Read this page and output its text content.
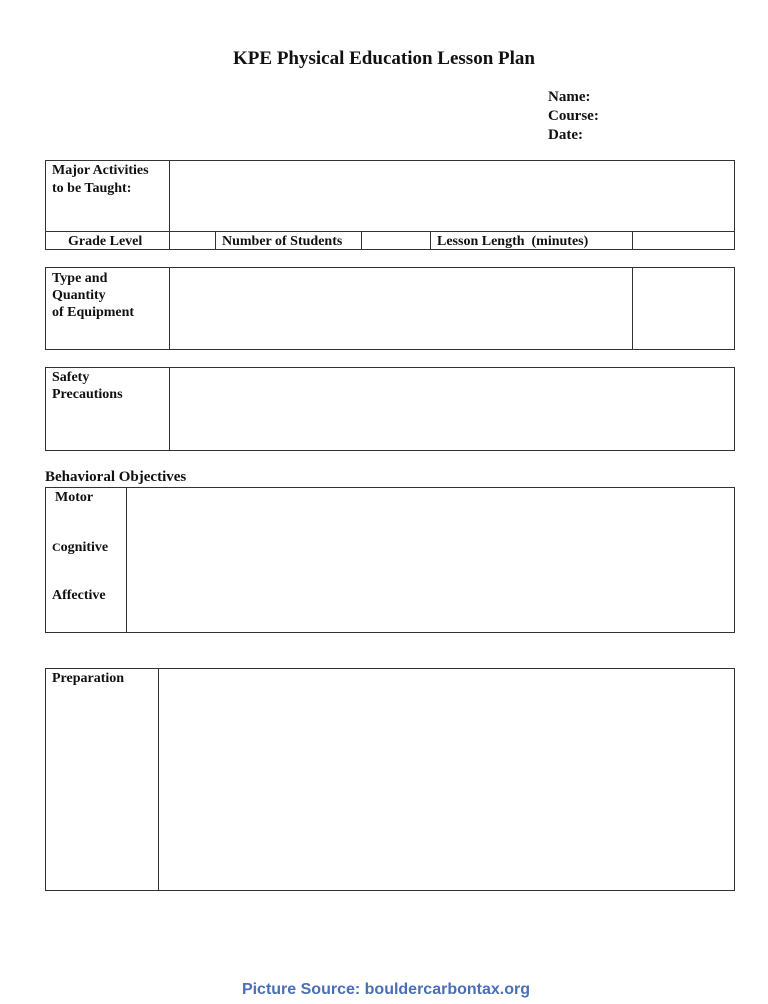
KPE Physical Education Lesson Plan
Name:
Course:
Date:
Major Activities
to be Taught:
Grade Level	Number of Students	Lesson Length  (minutes)
Type and
Quantity
of Equipment
Safety
Precautions
Behavioral Objectives
Motor
Cognitive
Affective
Preparation
Picture Source: bouldercarbontax.org
